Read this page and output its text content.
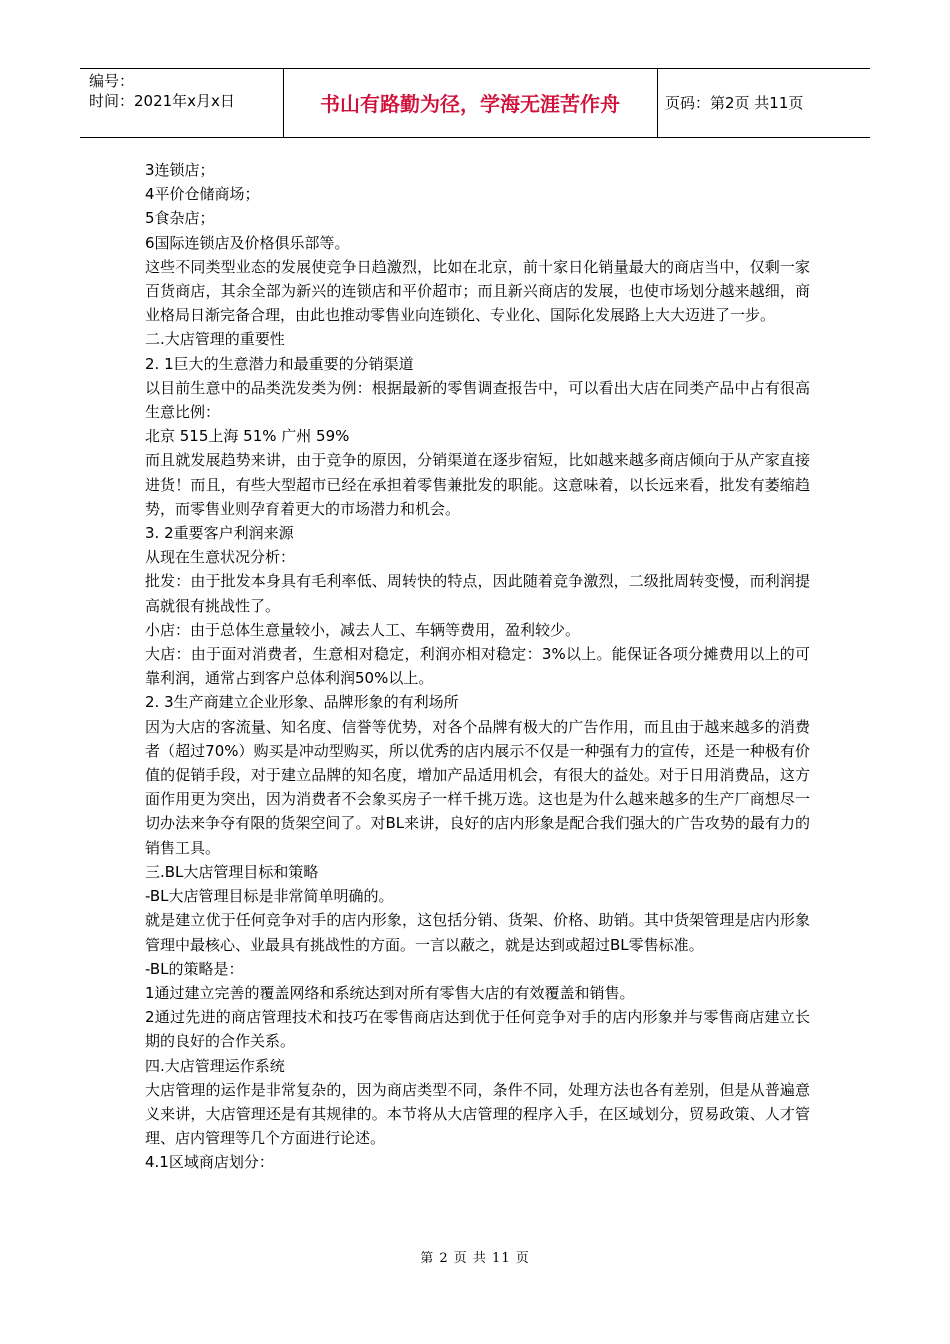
编号：
时间：2021年x月x日	书山有路勤为径，学海无涯苦作舟	页码：第2页 共11页

3连锁店；

4平价仓储商场；

5食杂店；

6国际连锁店及价格俱乐部等。

这些不同类型业态的发展使竞争日趋激烈，比如在北京，前十家日化销量最大的商店当中，仅剩一家百货商店，其余全部为新兴的连锁店和平价超市；而且新兴商店的发展，也使市场划分越来越细，商业格局日渐完备合理，由此也推动零售业向连锁化、专业化、国际化发展路上大大迈进了一步。

二.大店管理的重要性

2. 1巨大的生意潜力和最重要的分销渠道

以目前生意中的品类洗发类为例：根据最新的零售调查报告中，可以看出大店在同类产品中占有很高生意比例：

北京 515上海 51% 广州 59%

而且就发展趋势来讲，由于竞争的原因，分销渠道在逐步宿短，比如越来越多商店倾向于从产家直接进货！而且，有些大型超市已经在承担着零售兼批发的职能。这意味着，以长远来看，批发有萎缩趋势，而零售业则孕育着更大的市场潜力和机会。

3. 2重要客户利润来源

从现在生意状况分析：

批发：由于批发本身具有毛利率低、周转快的特点，因此随着竞争激烈，二级批周转变慢，而利润提高就很有挑战性了。

小店：由于总体生意量较小，减去人工、车辆等费用，盈利较少。

大店：由于面对消费者，生意相对稳定，利润亦相对稳定：3%以上。能保证各项分摊费用以上的可靠利润，通常占到客户总体利润50%以上。

2. 3生产商建立企业形象、品牌形象的有利场所

因为大店的客流量、知名度、信誉等优势，对各个品牌有极大的广告作用，而且由于越来越多的消费者（超过70%）购买是冲动型购买，所以优秀的店内展示不仅是一种强有力的宣传，还是一种极有价值的促销手段，对于建立品牌的知名度，增加产品适用机会，有很大的益处。对于日用消费品，这方面作用更为突出，因为消费者不会象买房子一样千挑万选。这也是为什么越来越多的生产厂商想尽一切办法来争夺有限的货架空间了。对BL来讲，良好的店内形象是配合我们强大的广告攻势的最有力的销售工具。

三.BL大店管理目标和策略

-BL大店管理目标是非常简单明确的。

就是建立优于任何竞争对手的店内形象，这包括分销、货架、价格、助销。其中货架管理是店内形象管理中最核心、业最具有挑战性的方面。一言以蔽之，就是达到或超过BL零售标准。

-BL的策略是：

1通过建立完善的覆盖网络和系统达到对所有零售大店的有效覆盖和销售。

2通过先进的商店管理技术和技巧在零售商店达到优于任何竞争对手的店内形象并与零售商店建立长期的良好的合作关系。

四.大店管理运作系统

大店管理的运作是非常复杂的，因为商店类型不同，条件不同，处理方法也各有差别，但是从普遍意义来讲，大店管理还是有其规律的。本节将从大店管理的程序入手，在区域划分，贸易政策、人才管理、店内管理等几个方面进行论述。

4.1区域商店划分：

第 2 页 共 11 页
